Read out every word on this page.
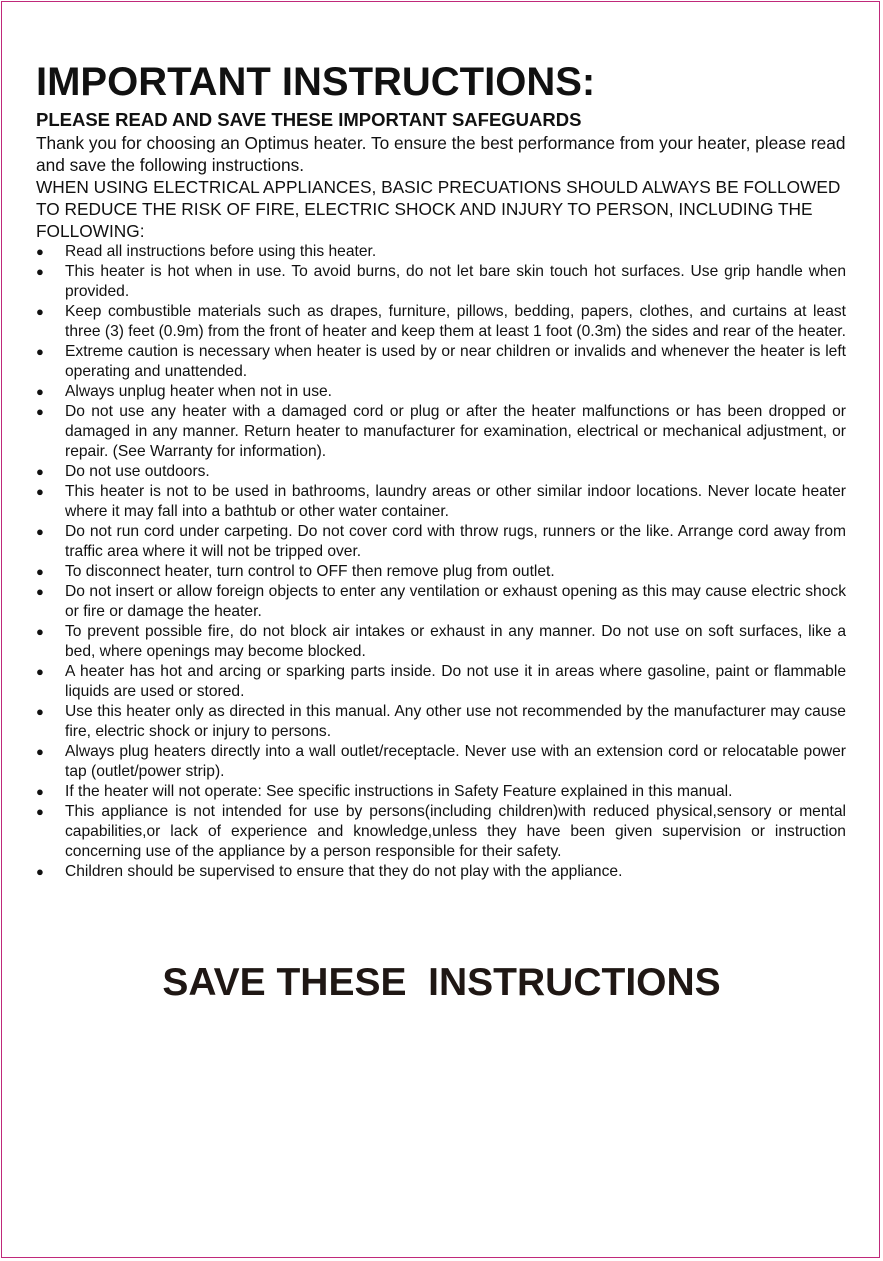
IMPORTANT INSTRUCTIONS:
PLEASE READ AND SAVE THESE IMPORTANT SAFEGUARDS

Thank you for choosing an Optimus heater. To ensure the best performance from your heater, please read and save the following instructions.

WHEN USING ELECTRICAL APPLIANCES, BASIC PRECUATIONS SHOULD ALWAYS BE FOLLOWED TO REDUCE THE RISK OF FIRE, ELECTRIC SHOCK AND INJURY TO PERSON, INCLUDING THE FOLLOWING:

● Read all instructions before using this heater.
● This heater is hot when in use. To avoid burns, do not let bare skin touch hot surfaces. Use grip handle when provided.
● Keep combustible materials such as drapes, furniture, pillows, bedding, papers, clothes, and curtains at least three (3) feet (0.9m) from the front of heater and keep them at least 1 foot (0.3m) the sides and rear of the heater.
● Extreme caution is necessary when heater is used by or near children or invalids and whenever the heater is left operating and unattended.
● Always unplug heater when not in use.
● Do not use any heater with a damaged cord or plug or after the heater malfunctions or has been dropped or damaged in any manner. Return heater to manufacturer for examination, electrical or mechanical adjustment, or repair. (See Warranty for information).
● Do not use outdoors.
● This heater is not to be used in bathrooms, laundry areas or other similar indoor locations. Never locate heater where it may fall into a bathtub or other water container.
● Do not run cord under carpeting. Do not cover cord with throw rugs, runners or the like. Arrange cord away from traffic area where it will not be tripped over.
● To disconnect heater, turn control to OFF then remove plug from outlet.
● Do not insert or allow foreign objects to enter any ventilation or exhaust opening as this may cause electric shock or fire or damage the heater.
● To prevent possible fire, do not block air intakes or exhaust in any manner. Do not use on soft surfaces, like a bed, where openings may become blocked.
● A heater has hot and arcing or sparking parts inside. Do not use it in areas where gasoline, paint or flammable liquids are used or stored.
● Use this heater only as directed in this manual. Any other use not recommended by the manufacturer may cause fire, electric shock or injury to persons.
● Always plug heaters directly into a wall outlet/receptacle. Never use with an extension cord or relocatable power tap (outlet/power strip).
● If the heater will not operate: See specific instructions in Safety Feature explained in this manual.
● This appliance is not intended for use by persons(including children)with reduced physical,sensory or mental capabilities,or lack of experience and knowledge,unless they have been given supervision or instruction concerning use of the appliance by a person responsible for their safety.
● Children should be supervised to ensure that they do not play with the appliance.
SAVE THESE  INSTRUCTIONS
